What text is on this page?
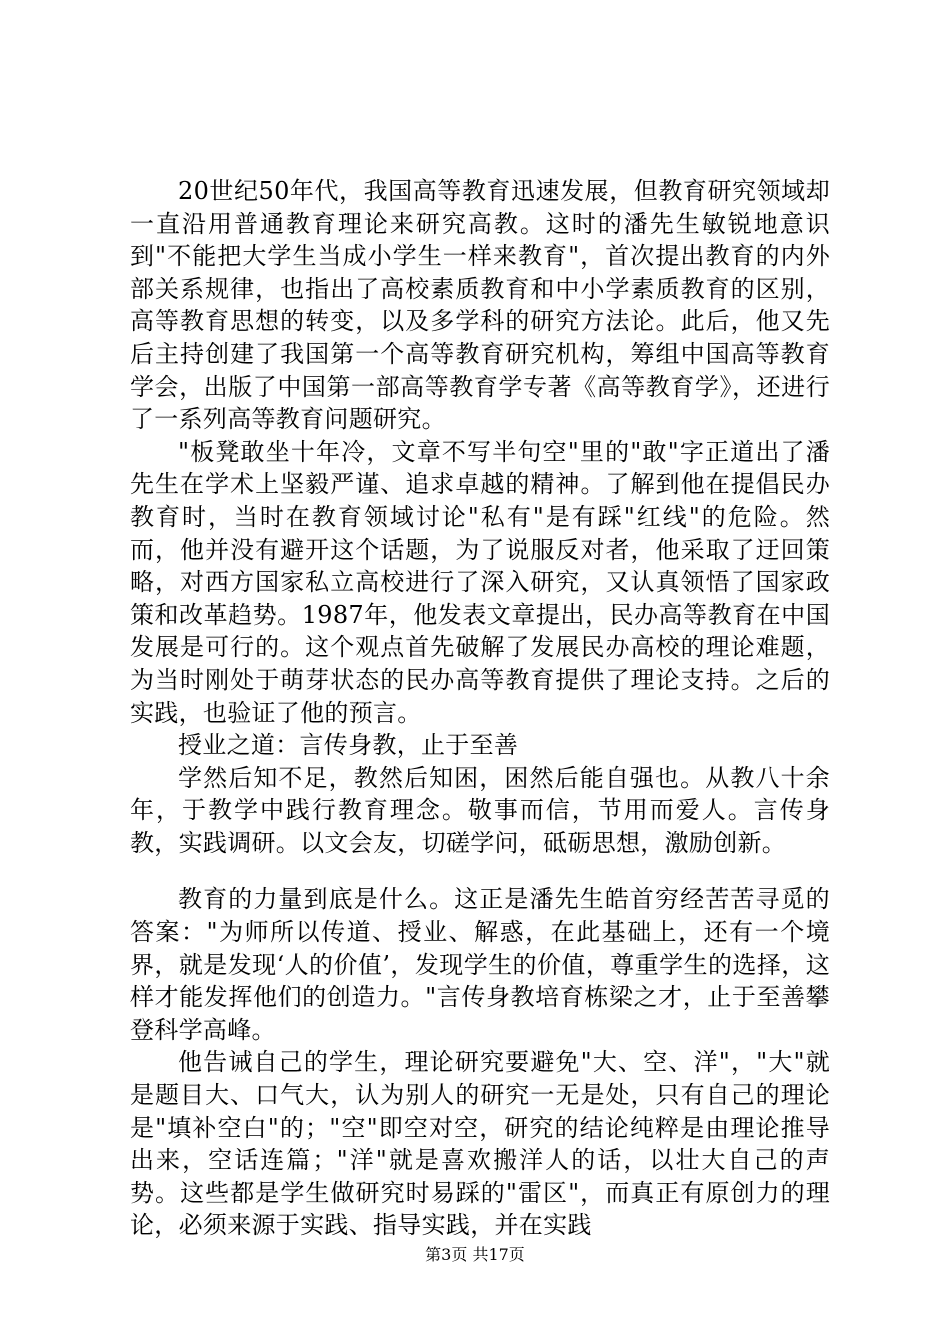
20世纪50年代，我国高等教育迅速发展，但教育研究领域却一直沿用普通教育理论来研究高教。这时的潘先生敏锐地意识到"不能把大学生当成小学生一样来教育"，首次提出教育的内外部关系规律，也指出了高校素质教育和中小学素质教育的区别，高等教育思想的转变，以及多学科的研究方法论。此后，他又先后主持创建了我国第一个高等教育研究机构，筹组中国高等教育学会，出版了中国第一部高等教育学专著《高等教育学》，还进行了一系列高等教育问题研究。

"板凳敢坐十年冷，文章不写半句空"里的"敢"字正道出了潘先生在学术上坚毅严谨、追求卓越的精神。了解到他在提倡民办教育时，当时在教育领域讨论"私有"是有踩"红线"的危险。然而，他并没有避开这个话题，为了说服反对者，他采取了迂回策略，对西方国家私立高校进行了深入研究，又认真领悟了国家政策和改革趋势。1987年，他发表文章提出，民办高等教育在中国发展是可行的。这个观点首先破解了发展民办高校的理论难题，为当时刚处于萌芽状态的民办高等教育提供了理论支持。之后的实践，也验证了他的预言。

授业之道：言传身教，止于至善

学然后知不足，教然后知困，困然后能自强也。从教八十余年，于教学中践行教育理念。敬事而信，节用而爱人。言传身教，实践调研。以文会友，切磋学问，砥砺思想，激励创新。

教育的力量到底是什么。这正是潘先生皓首穷经苦苦寻觅的答案："为师所以传道、授业、解惑，在此基础上，还有一个境界，就是发现‘人的价值’，发现学生的价值，尊重学生的选择，这样才能发挥他们的创造力。"言传身教培育栋梁之才，止于至善攀登科学高峰。

他告诫自己的学生，理论研究要避免"大、空、洋"，"大"就是题目大、口气大，认为别人的研究一无是处，只有自己的理论是"填补空白"的；"空"即空对空，研究的结论纯粹是由理论推导出来，空话连篇；"洋"就是喜欢搬洋人的话，以壮大自己的声势。这些都是学生做研究时易踩的"雷区"，而真正有原创力的理论，必须来源于实践、指导实践，并在实践

第3页 共17页
